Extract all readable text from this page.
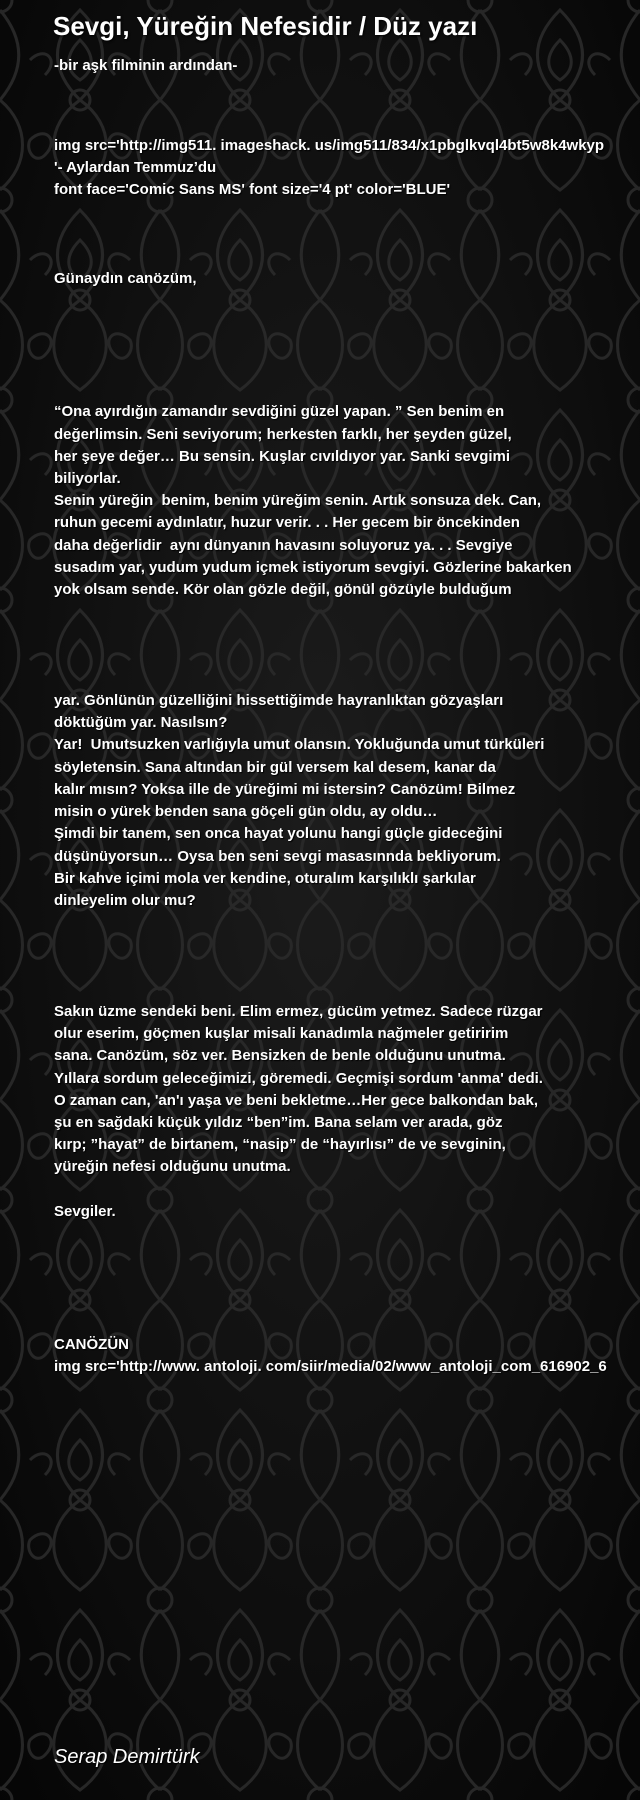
Sevgi, Yüreğin Nefesidir / Düz yazı
-bir aşk filminin ardından-

img src='http://img511. imageshack. us/img511/834/x1pbglkvql4bt5w8k4wkyp

'- Aylardan Temmuz’du

font face='Comic Sans MS' font size='4 pt' color='BLUE'

Günaydın canözüm,

“Ona ayırdığın zamandır sevdiğini güzel yapan. ” Sen benim en

değerlimsin. Seni seviyorum; herkesten farklı, her şeyden güzel,

her şeye değer… Bu sensin. Kuşlar cıvıldıyor yar. Sanki sevgimi

biliyorlar.

Senin yüreğin  benim, benim yüreğim senin. Artık sonsuza dek. Can,

ruhun gecemi aydınlatır, huzur verir. . . Her gecem bir öncekinden

daha değerlidir  aynı dünyanın havasını soluyoruz ya. . . Sevgiye

susadım yar, yudum yudum içmek istiyorum sevgiyi. Gözlerine bakarken

yok olsam sende. Kör olan gözle değil, gönül gözüyle bulduğum

yar. Gönlünün güzelliğini hissettiğimde hayranlıktan gözyaşları

döktüğüm yar. Nasılsın?

Yar!  Umutsuzken varlığıyla umut olansın. Yokluğunda umut türküleri

söyletensin. Sana altından bir gül versem kal desem, kanar da

kalır mısın? Yoksa ille de yüreğimi mi istersin? Canözüm! Bilmez

misin o yürek benden sana göçeli gün oldu, ay oldu…

Şimdi bir tanem, sen onca hayat yolunu hangi güçle gideceğini

düşünüyorsun… Oysa ben seni sevgi masasınnda bekliyorum.

Bir kahve içimi mola ver kendine, oturalım karşılıklı şarkılar

dinleyelim olur mu?

Sakın üzme sendeki beni. Elim ermez, gücüm yetmez. Sadece rüzgar

olur eserim, göçmen kuşlar misali kanadımla nağmeler getiririm

sana. Canözüm, söz ver. Bensizken de benle olduğunu unutma.

Yıllara sordum geleceğimizi, göremedi. Geçmişi sordum 'anma' dedi.

O zaman can, 'an'ı yaşa ve beni bekletme…Her gece balkondan bak,

şu en sağdaki küçük yıldız “ben”im. Bana selam ver arada, göz

kırp; ”hayat” de birtanem, “nasip” de “hayırlısı” de ve sevginin,

yüreğin nefesi olduğunu unutma.

Sevgiler.

CANÖZÜN

img src='http://www. antoloji. com/siir/media/02/www_antoloji_com_616902_6

Serap Demirtürk
